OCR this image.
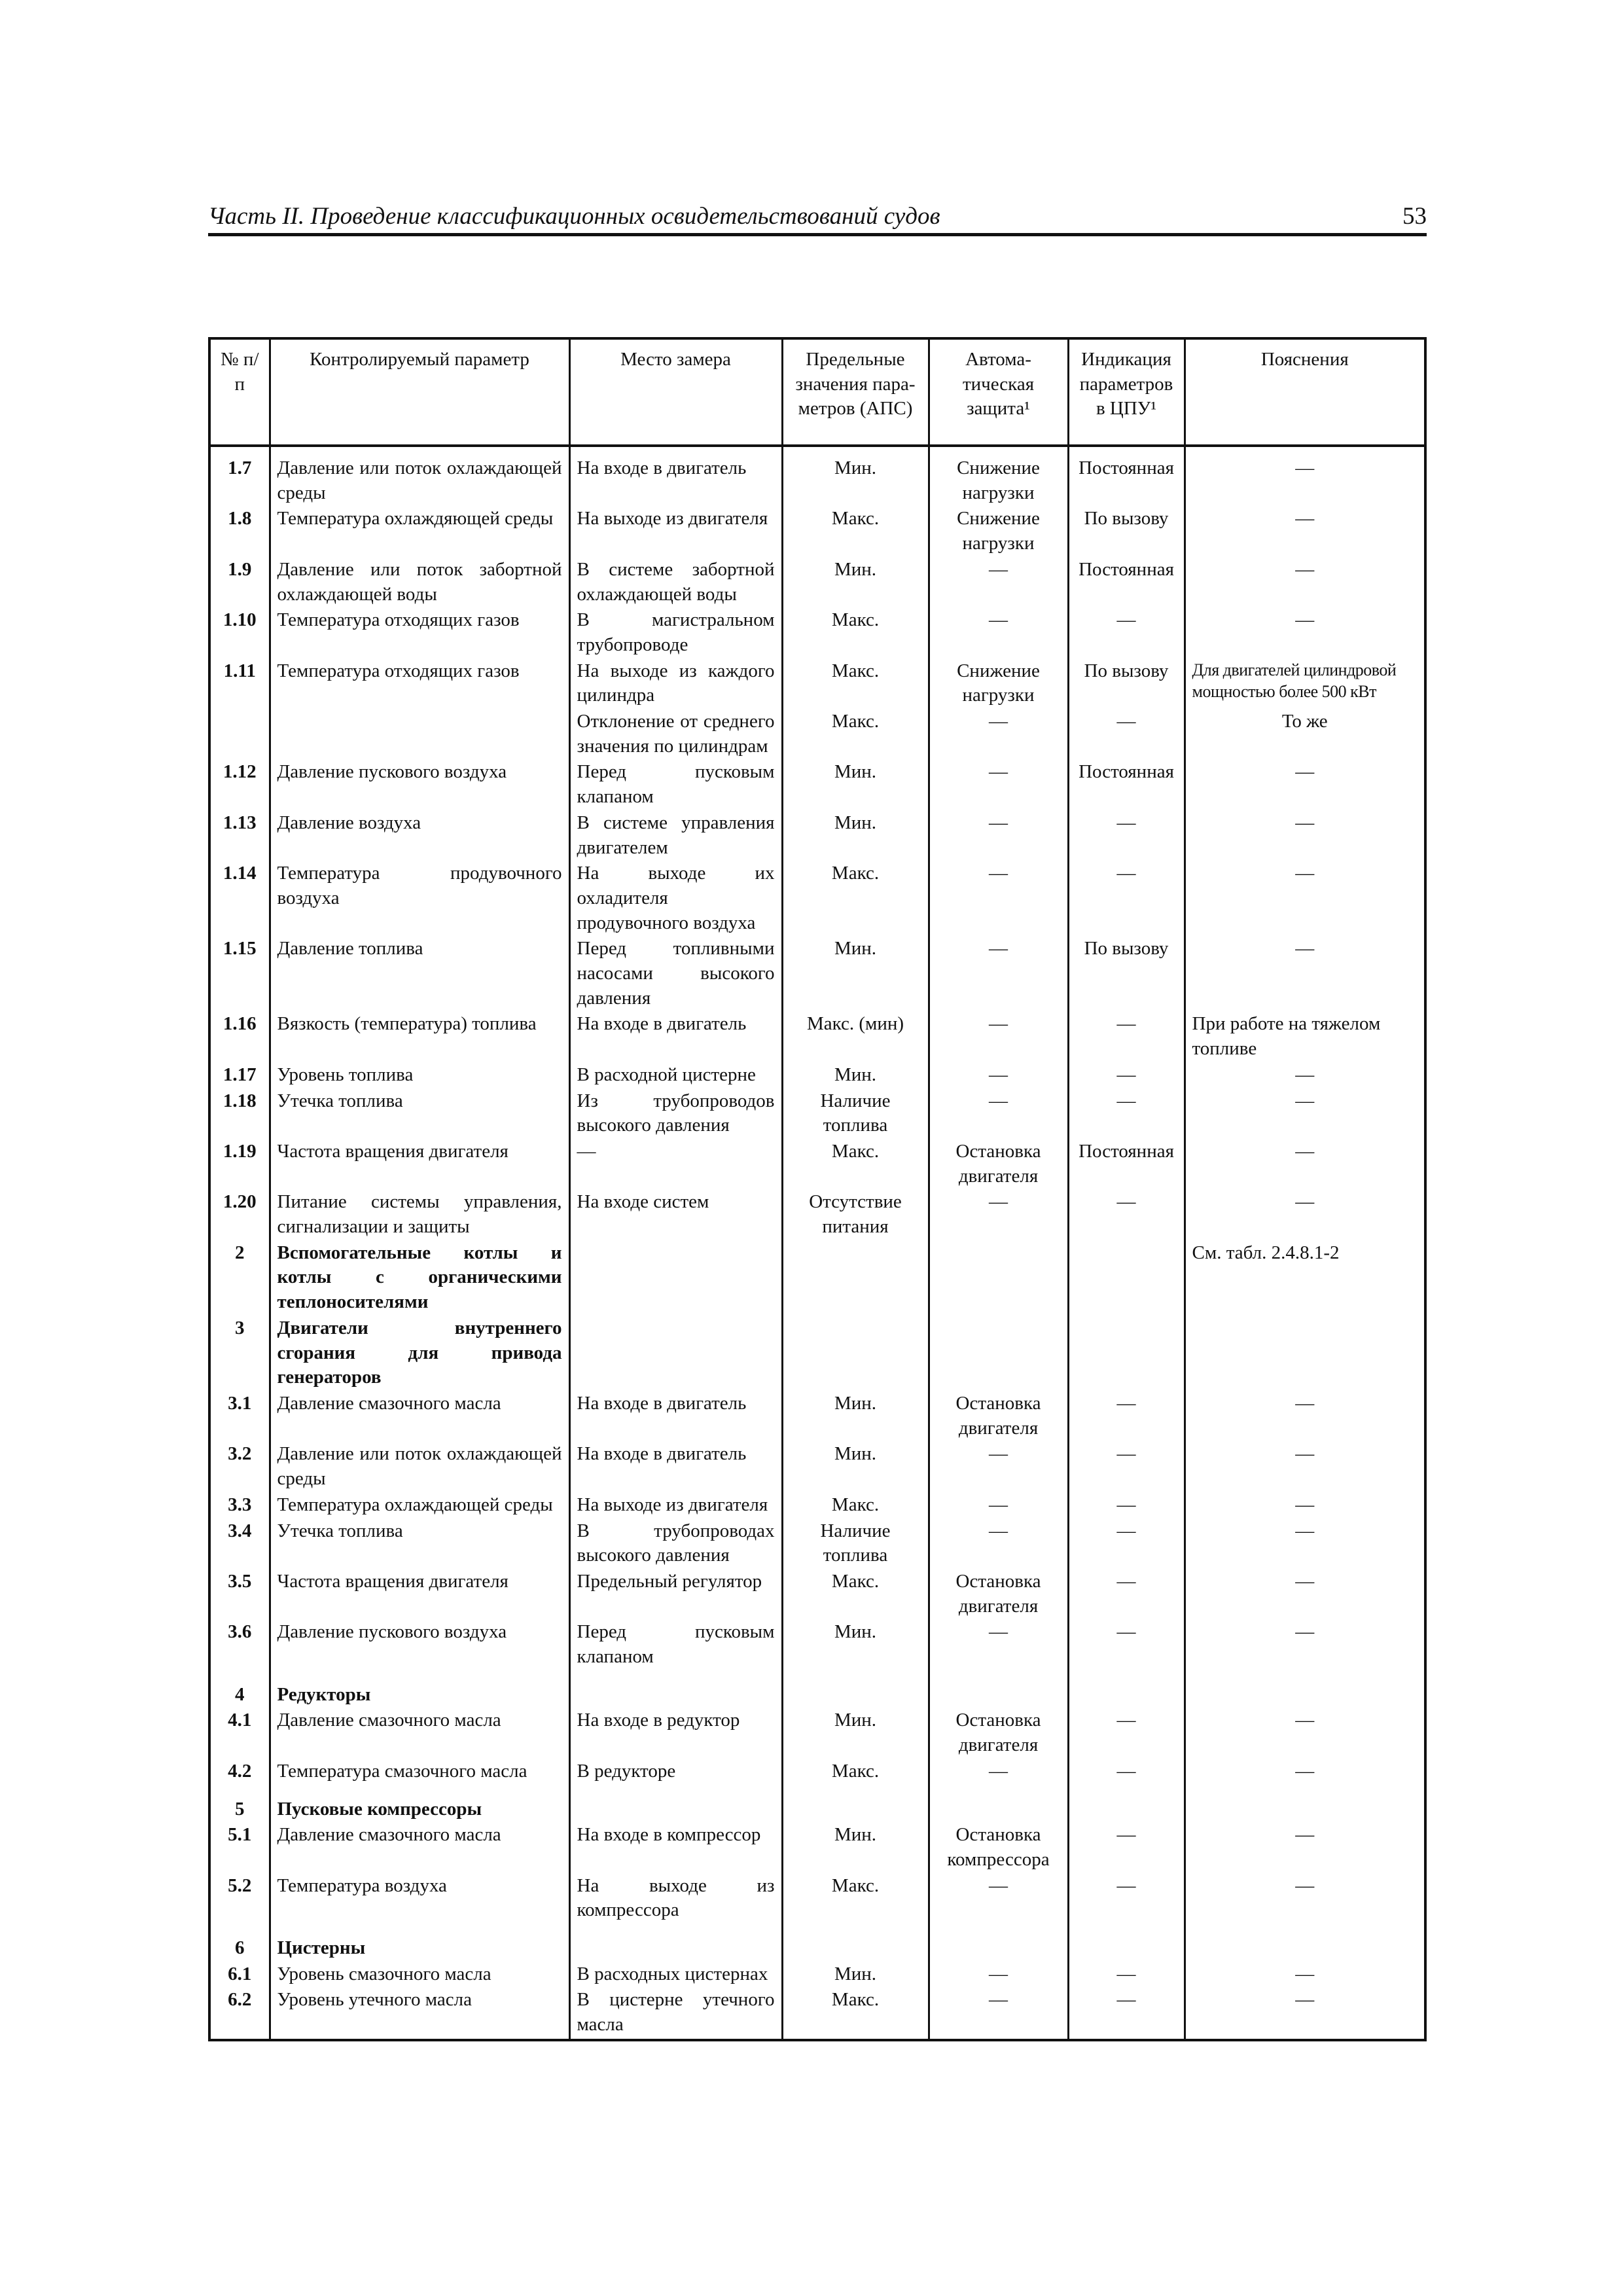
Часть II. Проведение классификационных освидетельствований судов	53
№ п/п	Контролируемый параметр	Место замера	Предельные значения пара- метров (АПС)	Автома- тическая защита¹	Индикация параметров в ЦПУ¹	Пояснения
1.7	Давление или поток охлаждающей среды	На входе в двигатель	Мин.	Снижение нагрузки	Постоянная	—
1.8	Температура охлаждяющей среды	На выходе из двигателя	Макс.	Снижение нагрузки	По вызову	—
1.9	Давление или поток забортной охлаждающей воды	В системе забортной охлаждающей воды	Мин.	—	Постоянная	—
1.10	Температура отходящих газов	В магистральном трубопроводе	Макс.	—	—	—
1.11	Температура отходящих газов	На выходе из каждого цилиндра	Макс.	Снижение нагрузки	По вызову	Для двигателей цилиндровой мощностью более 500 кВт
		Отклонение от среднего значения по цилиндрам	Макс.	—	—	То же
1.12	Давление пускового воздуха	Перед пусковым клапаном	Мин.	—	Постоянная	—
1.13	Давление воздуха	В системе управления двигателем	Мин.	—	—	—
1.14	Температура продувочного воздуха	На выходе их охладителя продувочного воздуха	Макс.	—	—	—
1.15	Давление топлива	Перед топливными насосами высокого давления	Мин.	—	По вызову	—
1.16	Вязкость (температура) топлива	На входе в двигатель	Макс. (мин)	—	—	При работе на тяжелом топливе
1.17	Уровень топлива	В расходной цистерне	Мин.	—	—	—
1.18	Утечка топлива	Из трубопроводов высокого давления	Наличие топлива	—	—	—
1.19	Частота вращения двигателя	—	Макс.	Остановка двигателя	Постоянная	—
1.20	Питание системы управления, сигнализации и защиты	На входе систем	Отсутствие питания	—	—	—
2	Вспомогательные котлы и котлы с органическими теплоносителями					См. табл. 2.4.8.1-2
3	Двигатели внутреннего сгорания для привода генераторов					
3.1	Давление смазочного масла	На входе в двигатель	Мин.	Остановка двигателя	—	—
3.2	Давление или поток охлаждающей среды	На входе в двигатель	Мин.	—	—	—
3.3	Температура охлаждающей среды	На выходе из двигателя	Макс.	—	—	—
3.4	Утечка топлива	В трубопроводах высокого давления	Наличие топлива	—	—	—
3.5	Частота вращения двигателя	Предельный регулятор	Макс.	Остановка двигателя	—	—
3.6	Давление пускового воздуха	Перед пусковым клапаном	Мин.	—	—	—
4	Редукторы					
4.1	Давление смазочного масла	На входе в редуктор	Мин.	Остановка двигателя	—	—
4.2	Температура смазочного масла	В редукторе	Макс.	—	—	—
5	Пусковые компрессоры					
5.1	Давление смазочного масла	На входе в компрессор	Мин.	Остановка компрессора	—	—
5.2	Температура воздуха	На выходе из компрессора	Макс.	—	—	—
6	Цистерны					
6.1	Уровень смазочного масла	В расходных цистернах	Мин.	—	—	—
6.2	Уровень утечного масла	В цистерне утечного масла	Макс.	—	—	—
